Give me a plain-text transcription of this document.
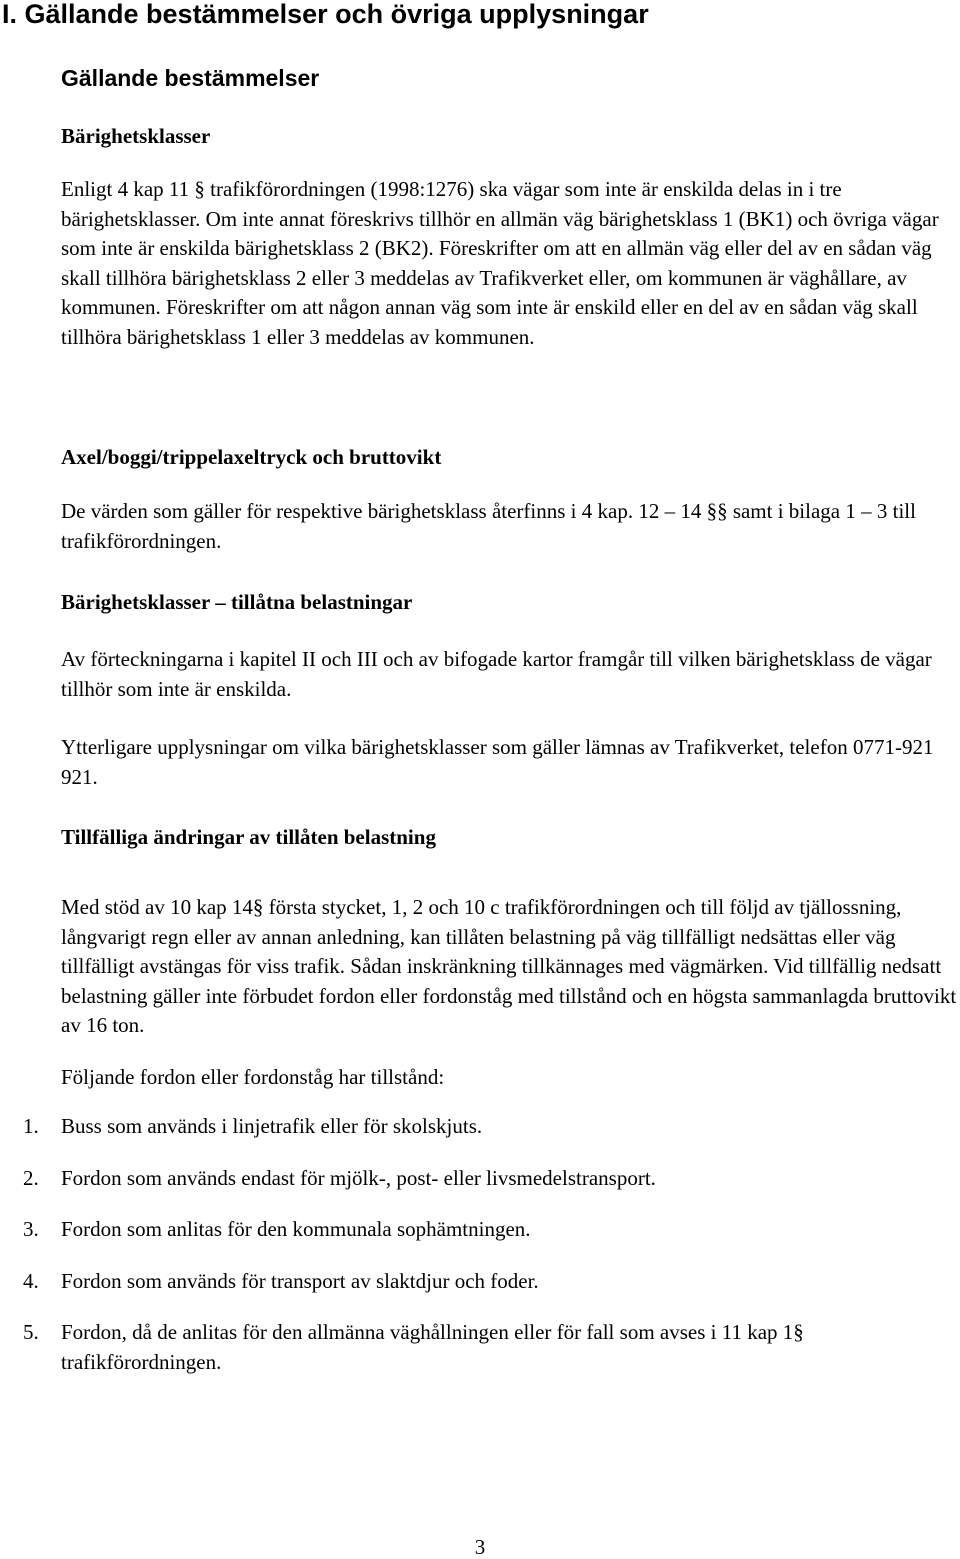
I. Gällande bestämmelser och övriga upplysningar
Gällande bestämmelser
Bärighetsklasser

Enligt 4 kap 11 § trafikförordningen (1998:1276) ska vägar som inte är enskilda delas in i tre bärighetsklasser. Om inte annat föreskrivs tillhör en allmän väg bärighetsklass 1 (BK1) och övriga vägar som inte är enskilda bärighetsklass 2 (BK2). Föreskrifter om att en allmän väg eller del av en sådan väg skall tillhöra bärighetsklass 2 eller 3 meddelas av Trafikverket eller, om kommunen är väghållare, av kommunen. Föreskrifter om att någon annan väg som inte är enskild eller en del av en sådan väg skall tillhöra bärighetsklass 1 eller 3 meddelas av kommunen.

Axel/boggi/trippelaxeltryck och bruttovikt

De värden som gäller för respektive bärighetsklass återfinns i 4 kap. 12 – 14 §§ samt i bilaga 1 – 3 till trafikförordningen.

Bärighetsklasser – tillåtna belastningar

Av förteckningarna i kapitel II och III och av bifogade kartor framgår till vilken bärighetsklass de vägar tillhör som inte är enskilda.

Ytterligare upplysningar om vilka bärighetsklasser som gäller lämnas av Trafikverket, telefon 0771-921 921.

Tillfälliga ändringar av tillåten belastning

Med stöd av 10 kap 14§ första stycket, 1, 2 och 10 c trafikförordningen och till följd av tjällossning, långvarigt regn eller av annan anledning, kan tillåten belastning på väg tillfälligt nedsättas eller väg tillfälligt avstängas för viss trafik. Sådan inskränkning tillkännages med vägmärken. Vid tillfällig nedsatt belastning gäller inte förbudet fordon eller fordonståg med tillstånd och en högsta sammanlagda bruttovikt av 16 ton.

Följande fordon eller fordonståg har tillstånd:

1. Buss som används i linjetrafik eller för skolskjuts.
2. Fordon som används endast för mjölk-, post- eller livsmedelstransport.
3. Fordon som anlitas för den kommunala sophämtningen.
4. Fordon som används för transport av slaktdjur och foder.
5. Fordon, då de anlitas för den allmänna väghållningen eller för fall som avses i 11 kap 1§ trafikförordningen.
3
